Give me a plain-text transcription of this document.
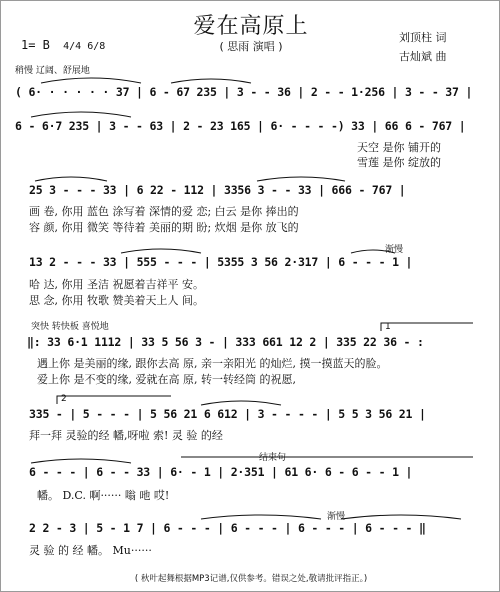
爱在高原上
( 思雨 演唱 )
1= B 4/4 6/8
刘顶柱 词
古灿斌 曲
稍慢 辽阔、舒展地
( 6· · · · · · 37 | 6 - 67 235 | 3 - - 36 | 2 - - 1·256 | 3 - - 37 |
6 - 6·7 235 | 3 - - 63 | 2 - 23 165 | 6· - - - -) 33 | 66 6 - 767 |
天空 是你 铺开的
雪莲 是你 绽放的
25 3 - - - 33 | 6 22 - 112 | 3356 3 - - 33 | 666 - 767 |
画 卷, 你用 蓝色 涂写着 深情的爱 恋; 白云 是你 捧出的
容 颜, 你用 微笑 等待着 美丽的期 盼; 炊烟 是你 放飞的
渐慢
13 2 - - - 33 | 555 - - - | 5355 3 56 2·317 | 6 - - - 1 |
哈 达, 你用 圣洁 祝愿着吉祥平 安。
思 念, 你用 牧歌 赞美着天上人 间。
突快 转快板 喜悦地	1
‖: 33 6·1 1112 | 33 5 56 3 - | 333 661 12 2 | 335 22 36 - :
遇上你 是美丽的缘, 跟你去高 原, 亲一亲阳光 的灿烂, 摸一摸蓝天的脸。
爱上你 是不变的缘, 爱就在高 原, 转一转经筒 的祝愿,
2
335 - | 5 - - - | 5 56 21 6 612 | 3 - - - - | 5 5 3 56 21 |
拜一拜 灵验的经 幡,呀啦 索! 灵 验 的经
结束句
6 - - - | 6 - - 33 | 6· - 1 | 2·351 | 61 6· 6 - 6 - - 1 |
幡。 D.C. 啊······ 嗡 吔 哎!
渐慢
2 2 - 3 | 5 - 1 7 | 6 - - - | 6 - - - | 6 - - - | 6 - - - ‖
灵 验 的 经 幡。 Mu······
( 秋叶起舞根据MP3记谱,仅供参考。错误之处,敬请批评指正。)
